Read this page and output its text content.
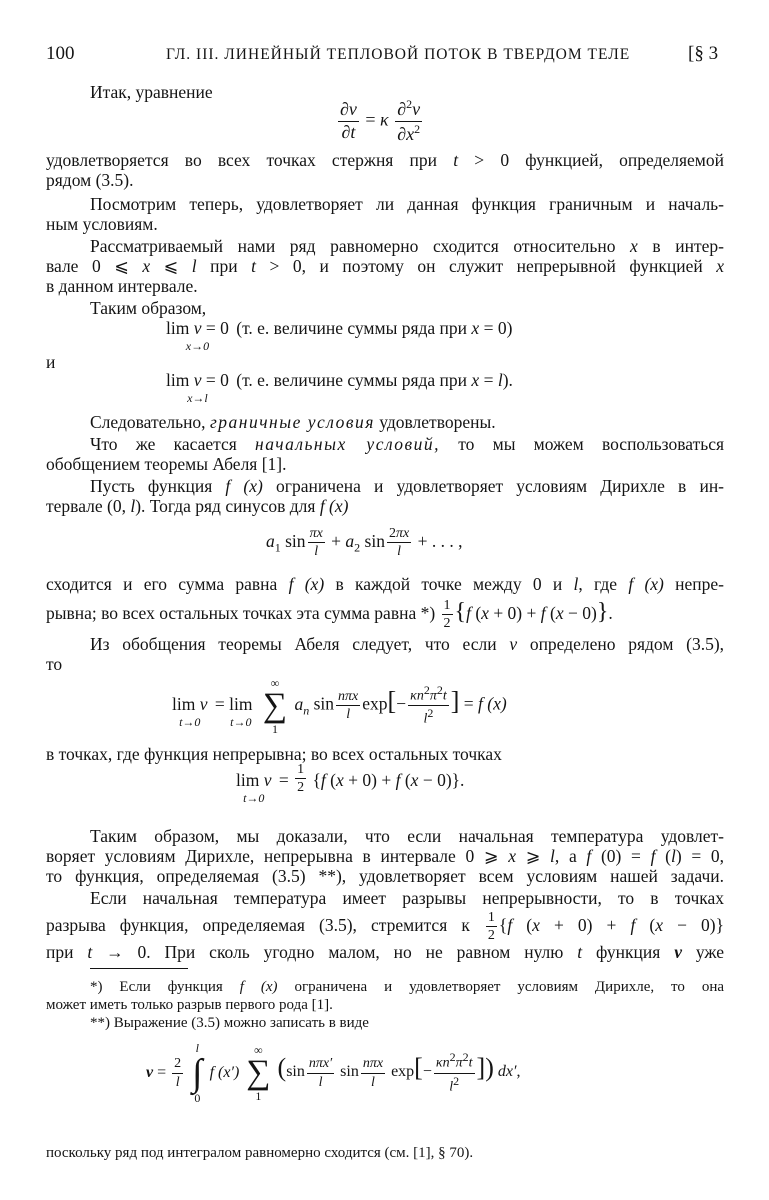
100	ГЛ. III. ЛИНЕЙНЫЙ ТЕПЛОВОЙ ПОТОК В ТВЕРДОМ ТЕЛЕ	[§ 3
Итак, уравнение
$\frac{\partial v}{\partial t} = \kappa \frac{\partial^2v}{\partial x^2}$
удовлетворяется во всех точках стержня при t > 0 функцией, определяемой
рядом (3.5).
Посмотрим теперь, удовлетворяет ли данная функция граничным и началь-
ным условиям.
Рассматриваемый нами ряд равномерно сходится относительно x в интер-
вале 0 ⩽ x ⩽ l при t > 0, и поэтому он служит непрерывной функцией x
в данном интервале.
Таким образом,
lim v = 0
x→0
(т. е. величине суммы ряда при x = 0)
и
lim v = 0
x→l
(т. е. величине суммы ряда при x = l).
Следовательно, граничные условия удовлетворены.
Что же касается начальных условий, то мы можем воспользоваться
обобщением теоремы Абеля [1].
Пусть функция f (x) ограничена и удовлетворяет условиям Дирихле в ин-
тервале (0, l). Тогда ряд синусов для f (x)
$a_1$ $\sin \frac{\pi x}{l} + a_2$ $\sin \frac{2\pi x}{l}$ + . . . ,
сходится и его сумма равна f (x) в каждой точке между 0 и l, где f (x) непре-
рывна; во всех остальных точках эта сумма равна *) $\frac{1}{2} \{f$ (x + 0) + f (x − 0)}.
Из обобщения теоремы Абеля следует, что если v определено рядом (3.5),
то
lim v
t→0
= lim
t→0

∞
∑
1
$a_n$ $\sin \frac{\text{nπx}}{l} \exp[- \frac{\kappa n^2\pi^2t}{l^2}$ ] = f (x)
в точках, где функция непрерывна; во всех остальных точках
lim v
t→0
= $\frac{1}{2} \{f$ (x + 0) + f (x − 0)}.
Таким образом, мы доказали, что если начальная температура удовлет-
воряет условиям Дирихле, непрерывна в интервале 0 ⩾ x ⩾ l, а f (0) = f (l) = 0,
то функция, определяемая (3.5) **), удовлетворяет всем условиям нашей задачи.
Если начальная температура имеет разрывы непрерывности, то в точках
разрыва функция, определяемая (3.5), стремится к $\frac{1}{2} \{f$ (x + 0) + f (x − 0)}
при t → 0. При сколь угодно малом, но не равном нулю t функция v уже
*) Если функция f (x) ограничена и удовлетворяет условиям Дирихле, то она
может иметь только разрыв первого рода [1].
**) Выражение (3.5) можно записать в виде
$v = \frac{2}{l}$

l
∫
0
f (x′)
∞
∑
1
($\sin \frac{\text{nπx′}}{l}$ $\sin \frac{\text{nπx}}{l} \exp[- \frac{\kappa n^2\pi^2t}{l^2}$ ]) dx′,
поскольку ряд под интегралом равномерно сходится (см. [1], § 70).
